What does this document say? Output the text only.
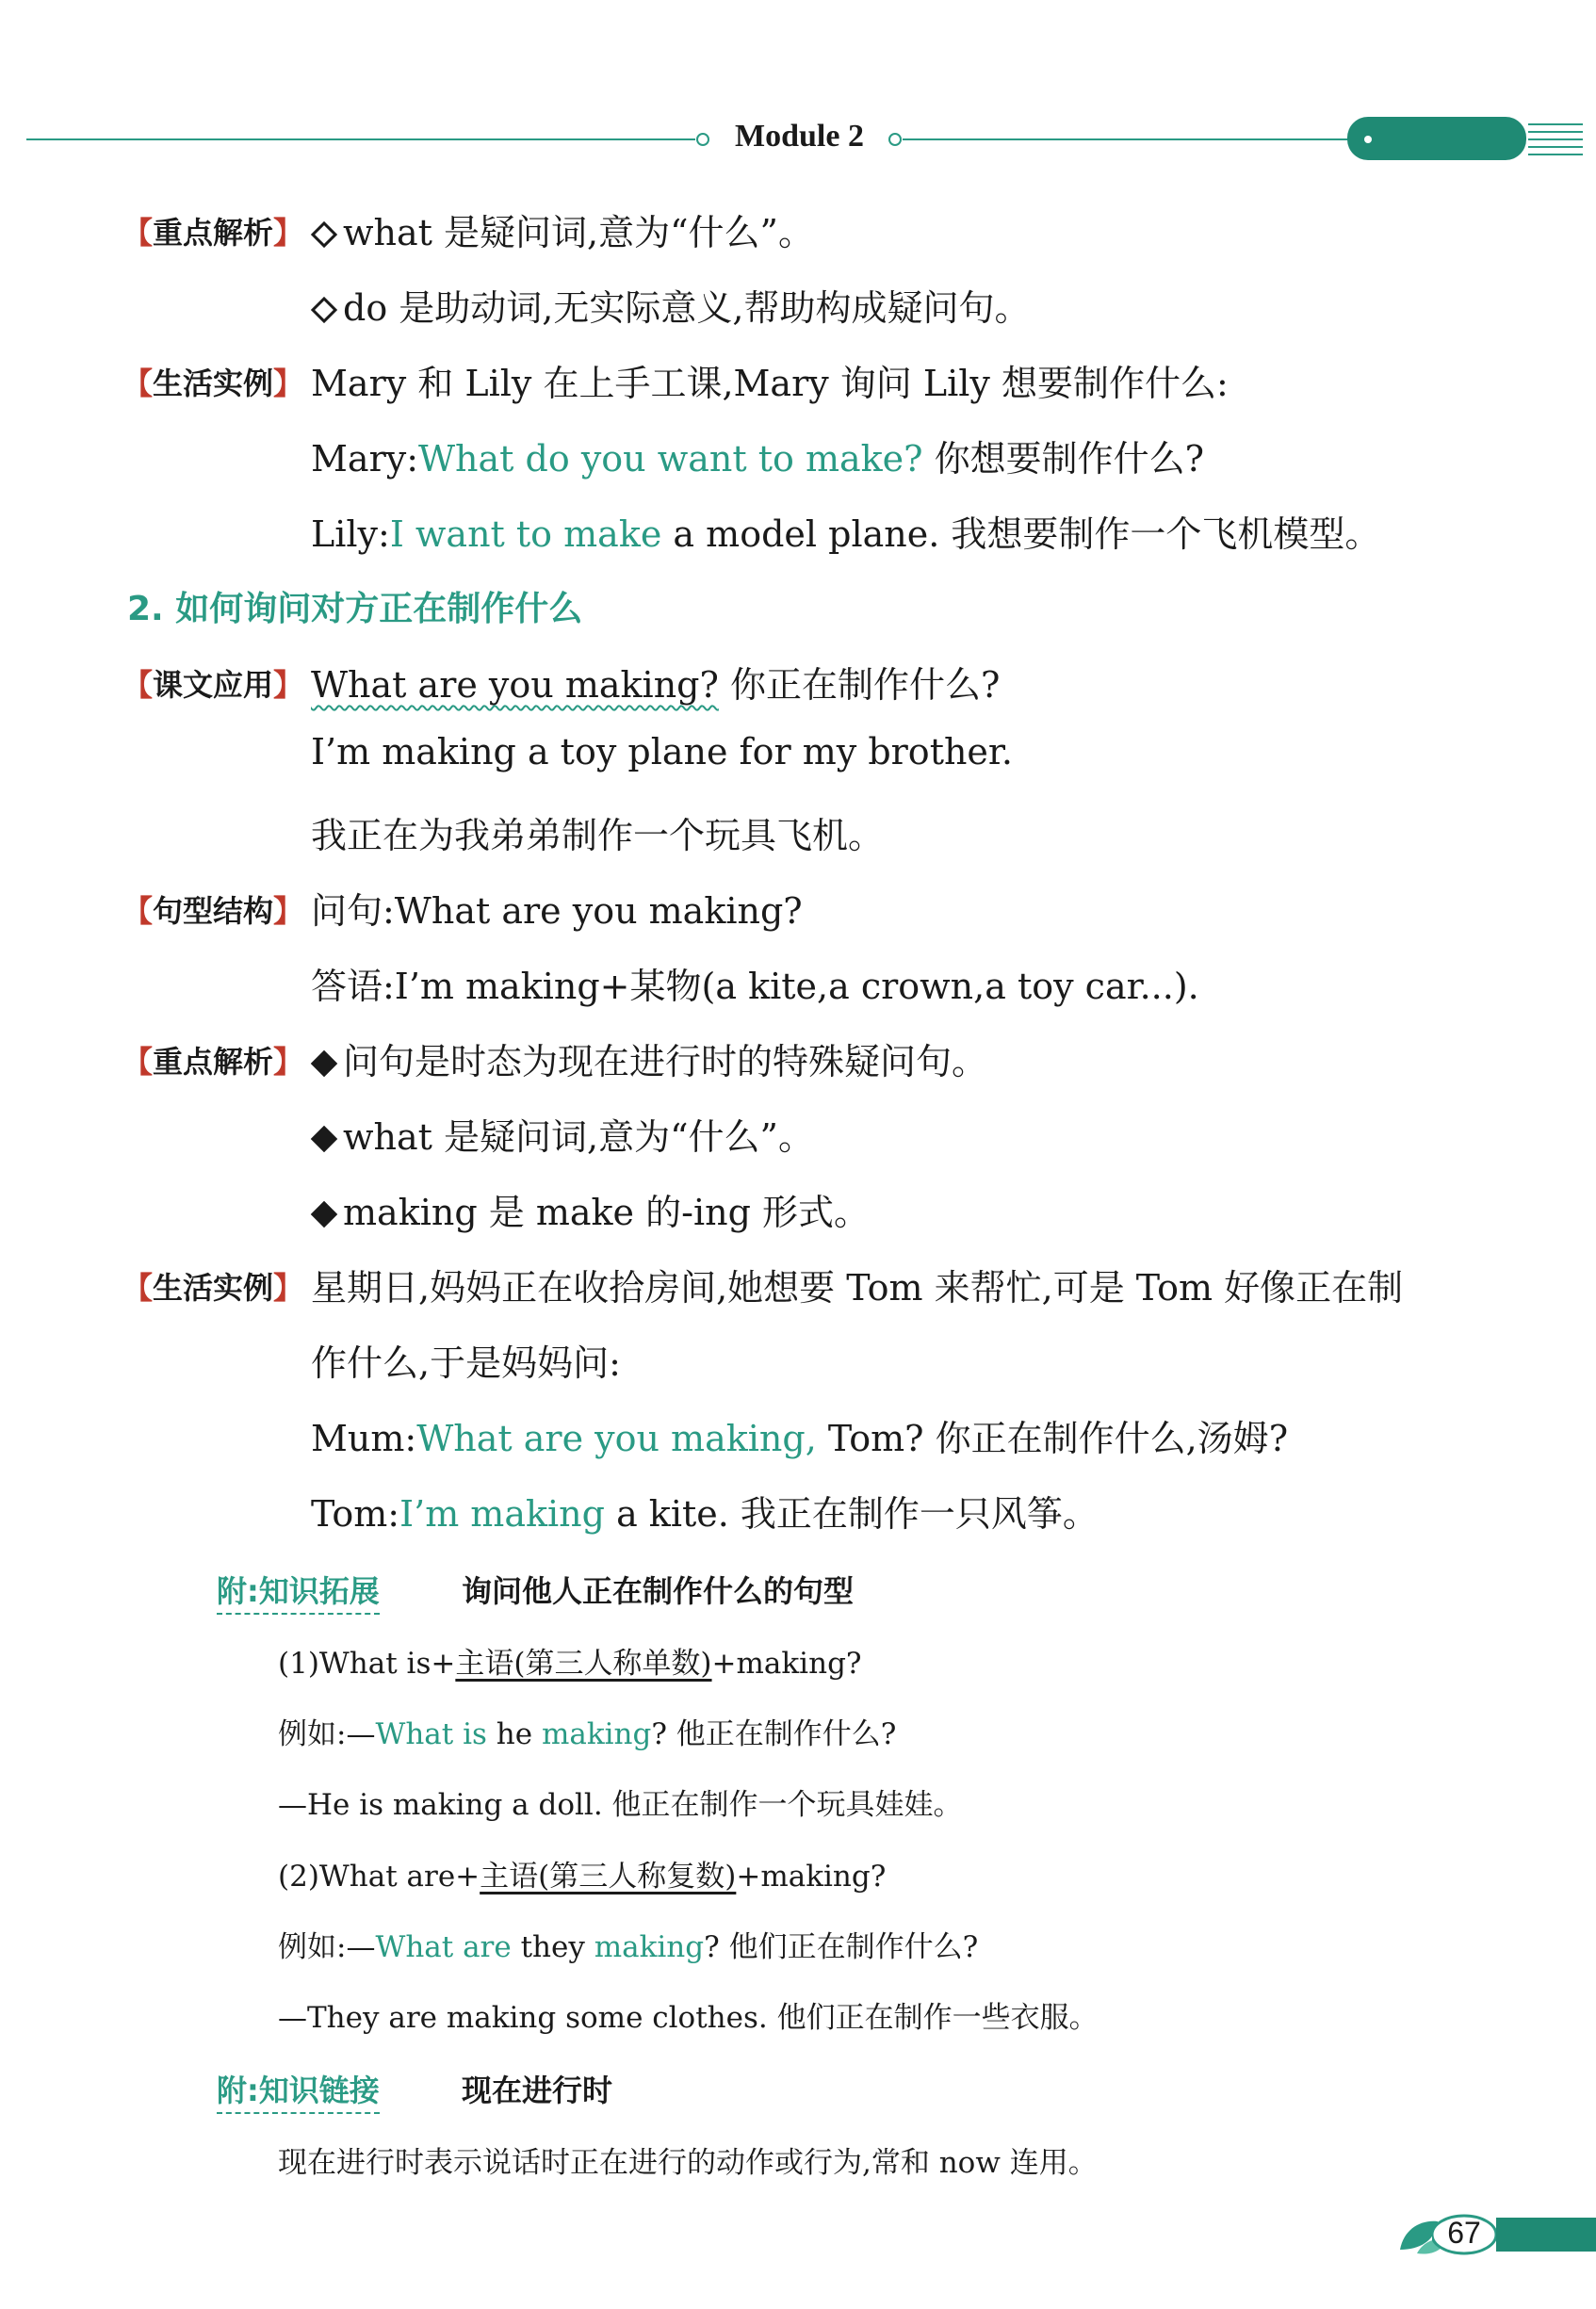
Module 2
【重点解析】	what 是疑问词,意为“什么”。
do 是助动词,无实际意义,帮助构成疑问句。
【生活实例】 Mary 和 Lily 在上手工课,Mary 询问 Lily 想要制作什么:
Mary:What do you want to make? 你想要制作什么?
Lily:I want to make a model plane. 我想要制作一个飞机模型。
2. 如何询问对方正在制作什么
【课文应用】 What are you making? 你正在制作什么?
I’m making a toy plane for my brother.
我正在为我弟弟制作一个玩具飞机。
【句型结构】 问句:What are you making?
答语:I’m making+某物(a kite,a crown,a toy car...).
【重点解析】	问句是时态为现在进行时的特殊疑问句。
what 是疑问词,意为“什么”。
making 是 make 的-ing 形式。
【生活实例】 星期日,妈妈正在收拾房间,她想要 Tom 来帮忙,可是 Tom 好像正在制
作什么,于是妈妈问:
Mum:What are you making, Tom? 你正在制作什么,汤姆?
Tom:I’m making a kite. 我正在制作一只风筝。
附:知识拓展	询问他人正在制作什么的句型
(1)What is+主语(第三人称单数)+making?
例如:—What is he making? 他正在制作什么?
—He is making a doll. 他正在制作一个玩具娃娃。
(2)What are+主语(第三人称复数)+making?
例如:—What are they making? 他们正在制作什么?
—They are making some clothes. 他们正在制作一些衣服。
附:知识链接	现在进行时
现在进行时表示说话时正在进行的动作或行为,常和 now 连用。
67
